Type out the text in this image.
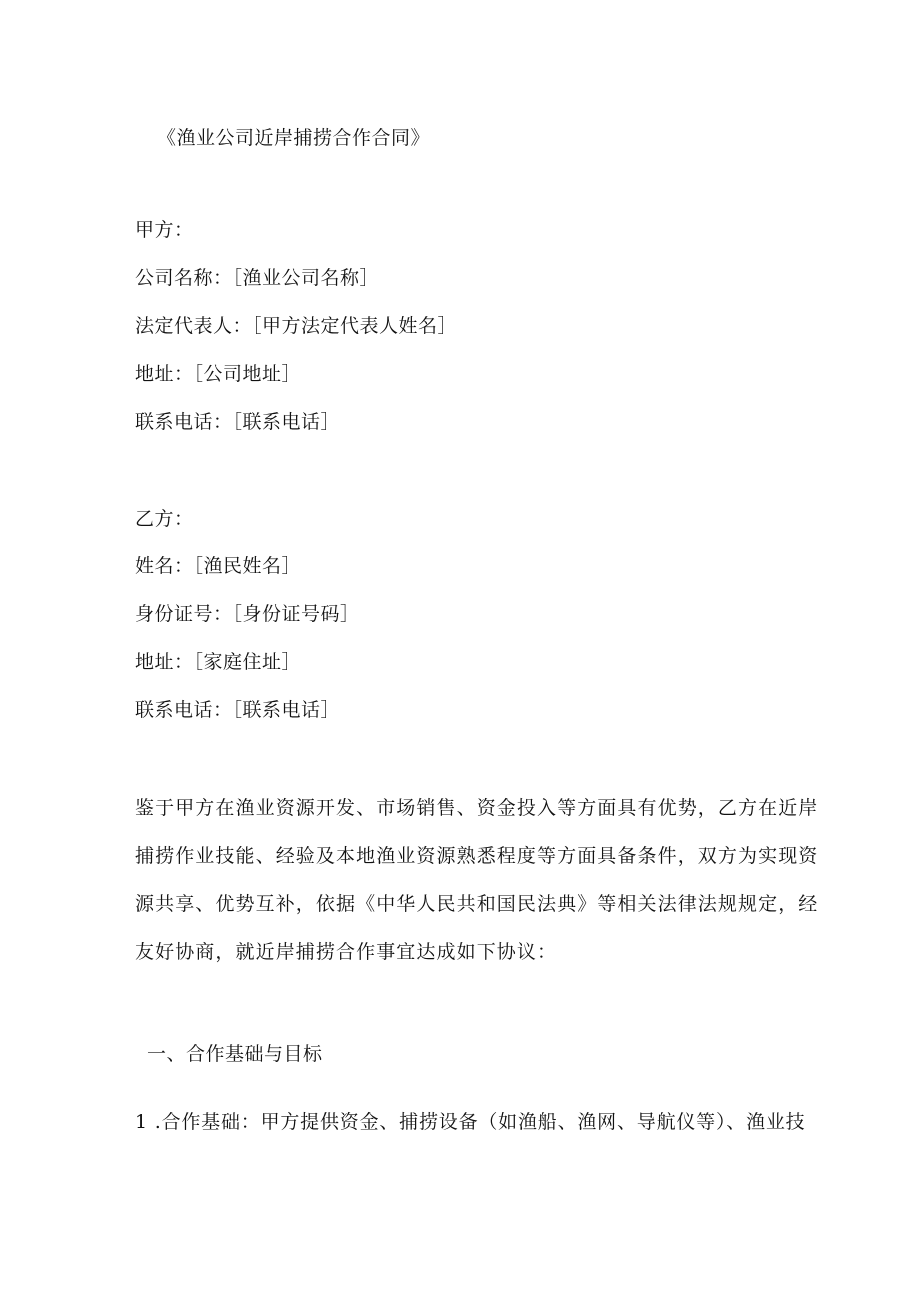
《渔业公司近岸捕捞合作合同》
甲方：
公司名称：［渔业公司名称］
法定代表人：［甲方法定代表人姓名］
地址：［公司地址］
联系电话：［联系电话］
乙方：
姓名：［渔民姓名］
身份证号：［身份证号码］
地址：［家庭住址］
联系电话：［联系电话］
鉴于甲方在渔业资源开发、市场销售、资金投入等方面具有优势，乙方在近岸
捕捞作业技能、经验及本地渔业资源熟悉程度等方面具备条件，双方为实现资
源共享、优势互补，依据《中华人民共和国民法典》等相关法律法规规定，经
友好协商，就近岸捕捞合作事宜达成如下协议：
一、合作基础与目标
1 .合作基础：甲方提供资金、捕捞设备（如渔船、渔网、导航仪等）、渔业技
